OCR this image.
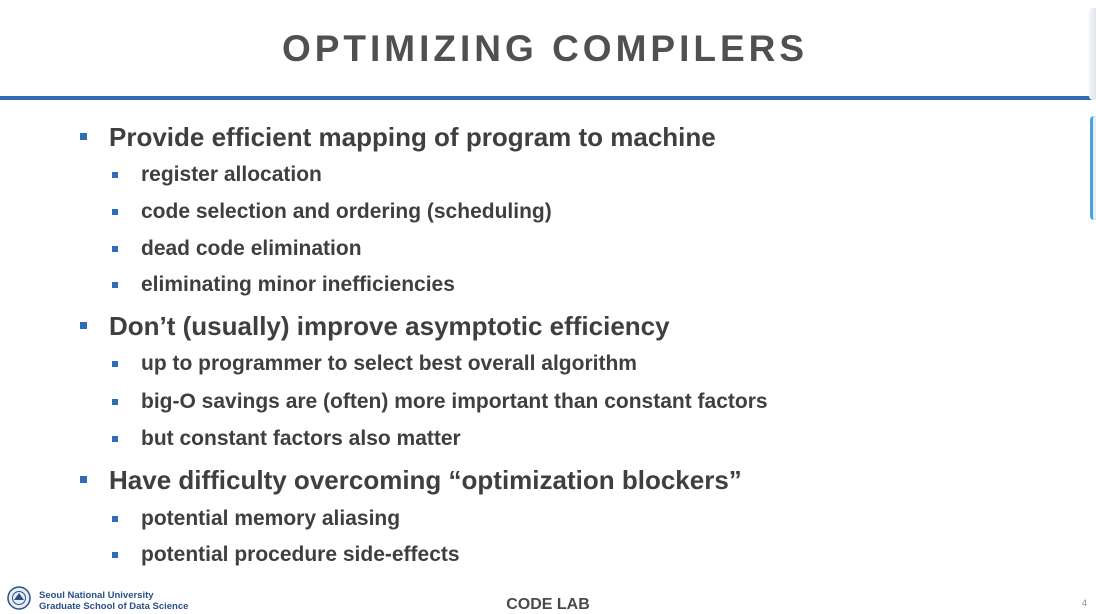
OPTIMIZING COMPILERS
Provide efficient mapping of program to machine
register allocation
code selection and ordering (scheduling)
dead code elimination
eliminating minor inefficiencies
Don’t (usually) improve asymptotic efficiency
up to programmer to select best overall algorithm
big-O savings are (often) more important than constant factors
but constant factors also matter
Have difficulty overcoming “optimization blockers”
potential memory aliasing
potential procedure side-effects
Seoul National University
Graduate School of Data Science	CODE LAB	4
